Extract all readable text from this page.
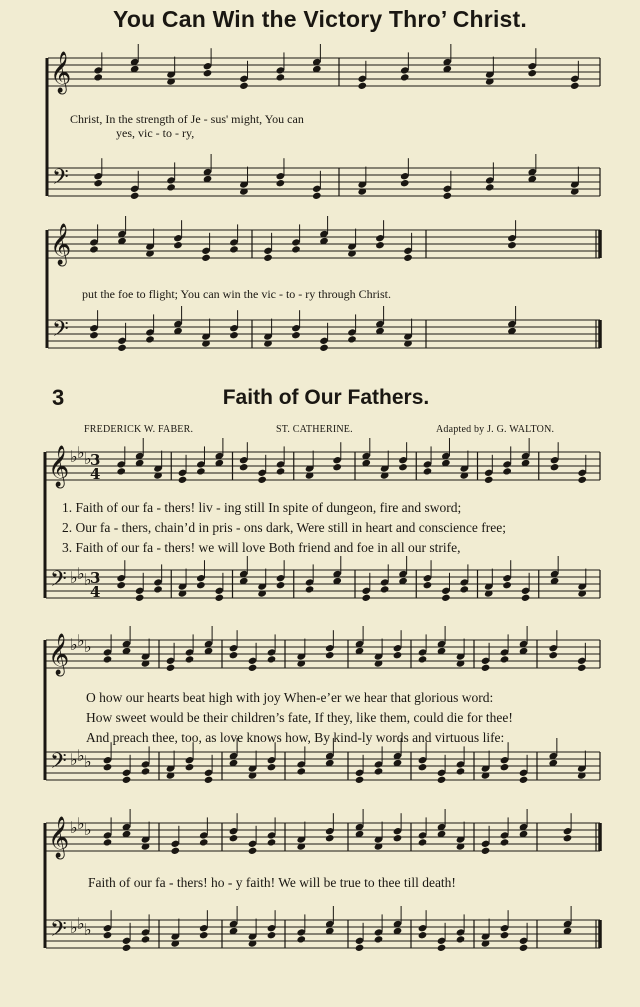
𝄞
𝄢
𝄞
𝄢
𝄞
𝄢
♭ ♭ ♭
♭ ♭ ♭
3
4
3
4
𝄞
𝄢
♭ ♭ ♭
♭ ♭ ♭
𝄞
𝄢
♭ ♭ ♭
♭ ♭ ♭
You Can Win the Victory Thro’ Christ.
Christ, In the strength of Je - sus' might, You can
yes, vic - to - ry,
put the foe to flight; You can win the vic - to - ry through Christ.
3	Faith of Our Fathers.
FREDERICK W. FABER.	ST. CATHERINE.	Adapted by J. G. WALTON.
1. Faith of our fa - thers! liv - ing still In spite of dungeon, fire and sword;
2. Our fa - thers, chain’d in pris - ons dark, Were still in heart and conscience free;
3. Faith of our fa - thers! we will love Both friend and foe in all our strife,
O how our hearts beat high with joy When-e’er we hear that glorious word:
How sweet would be their children’s fate, If they, like them, could die for thee!
And preach thee, too, as love knows how, By kind-ly words and virtuous life:
Faith of our fa - thers! ho - y faith! We will be true to thee till death!
